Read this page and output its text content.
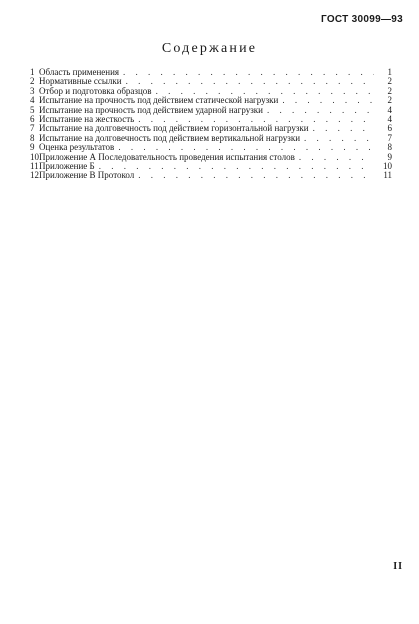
ГОСТ 30099—93
Содержание
1 Область применения . . .	1
2 Нормативные ссылки . . .	2
3 Отбор и подготовка образцов . . .	2
4 Испытание на прочность под действием статической нагрузки . . .	2
5 Испытание на прочность под действием ударной нагрузки . . .	4
6 Испытание на жесткость . . .	4
7 Испытание на долговечность под действием горизонтальной нагрузки . . .	6
8 Испытание на долговечность под действием вертикальной нагрузки . . .	7
9 Оценка результатов . . .	8
10 Приложение А Последовательность проведения испытания столов . . .	9
11 Приложение Б . . .	10
12 Приложение В Протокол . . .	11
II
